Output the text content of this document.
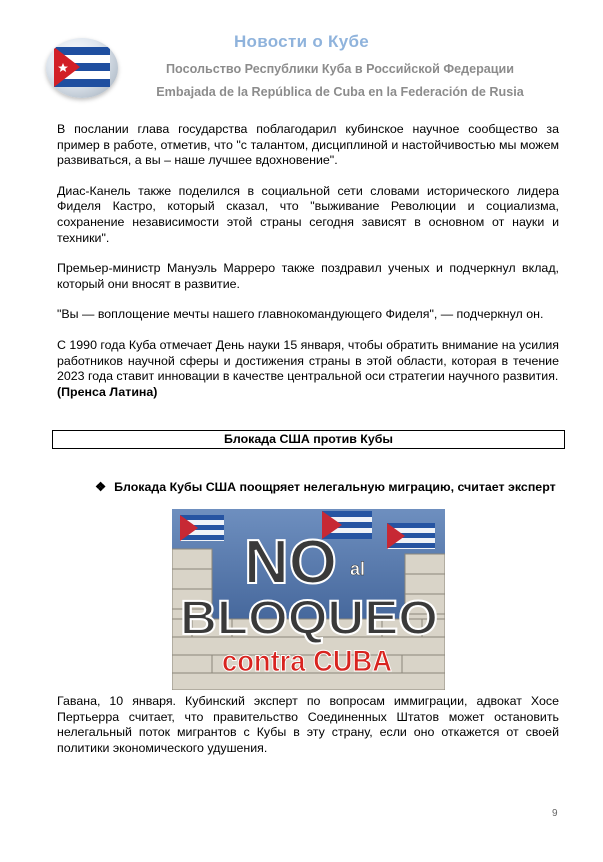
Новости о Кубе
Посольство Республики Куба в Российской Федерации
Embajada de la República de Cuba en la Federación de Rusia

В послании глава государства поблагодарил кубинское научное сообщество за пример в работе, отметив, что "с талантом, дисциплиной и настойчивостью мы можем развиваться, а вы – наше лучшее вдохновение".

Диас-Канель также поделился в социальной сети словами исторического лидера Фиделя Кастро, который сказал, что "выживание Революции и социализма, сохранение независимости этой страны сегодня зависят в основном от науки и техники".

Премьер-министр Мануэль Марреро также поздравил ученых и подчеркнул вклад, который они вносят в развитие.

"Вы — воплощение мечты нашего главнокомандующего Фиделя", — подчеркнул он.

С 1990 года Куба отмечает День науки 15 января, чтобы обратить внимание на усилия работников научной сферы и достижения страны в этой области, которая в течение 2023 года ставит инновации в качестве центральной оси стратегии научного развития.

(Пренса Латина)

Блокада США против Кубы
❖ Блокада Кубы США поощряет нелегальную миграцию, считает эксперт
NO al
BLOQUEO
contra CUBA

Гавана, 10 января. Кубинский эксперт по вопросам иммиграции, адвокат Хосе Пертьерра считает, что правительство Соединенных Штатов может остановить нелегальный поток мигрантов с Кубы в эту страну, если оно откажется от своей политики экономического удушения.

9
